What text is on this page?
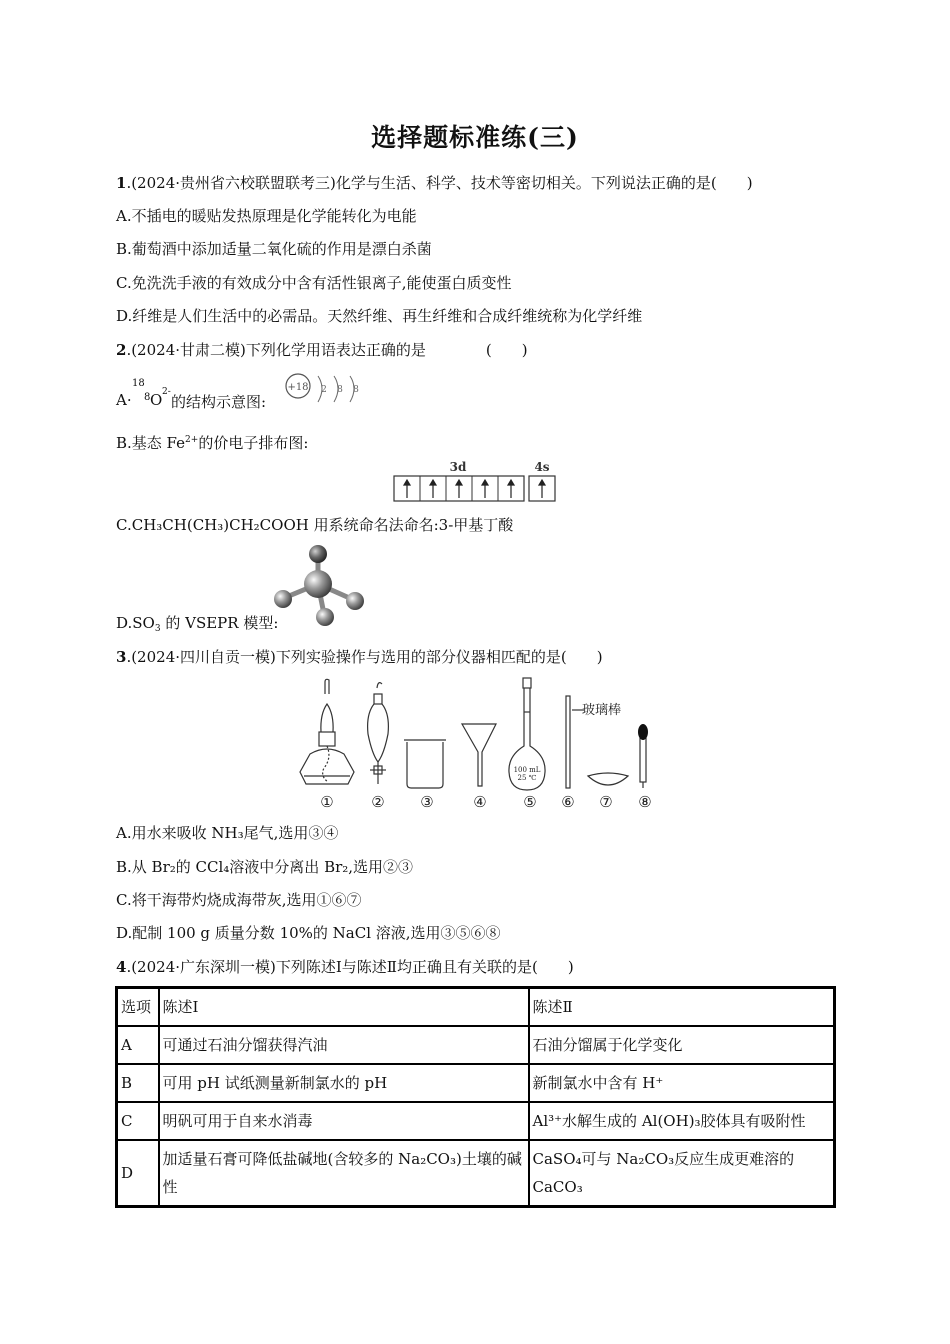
选择题标准练(三)
1.(2024·贵州省六校联盟联考三)化学与生活、科学、技术等密切相关。下列说法正确的是(　　)
A.不插电的暖贴发热原理是化学能转化为电能
B.葡萄酒中添加适量二氧化硫的作用是漂白杀菌
C.免洗洗手液的有效成分中含有活性银离子,能使蛋白质变性
D.纤维是人们生活中的必需品。天然纤维、再生纤维和合成纤维统称为化学纤维
2.(2024·甘肃二模)下列化学用语表达正确的是　　　　(　　)
A·
18
8 O 2-
的结构示意图:
+18 2 8 8
B.基态 $Fe^{2+}$的价电子排布图:
3d	4s
C.CH₃CH(CH₃)CH₂COOH 用系统命名法命名:3-甲基丁酸
$D.SO_3$ 的 VSEPR 模型:
3.(2024·四川自贡一模)下列实验操作与选用的部分仪器相匹配的是(　　)
100 mL
25 ℃
玻璃棒
①	② ③	④ ⑤ ⑥ ⑦ ⑧
A.用水来吸收 NH₃尾气,选用③④
B.从 Br₂的 CCl₄溶液中分离出 Br₂,选用②③
C.将干海带灼烧成海带灰,选用①⑥⑦
D.配制 100 g 质量分数 10%的 NaCl 溶液,选用③⑤⑥⑧
4.(2024·广东深圳一模)下列陈述Ⅰ与陈述Ⅱ均正确且有关联的是(　　)
选项	陈述Ⅰ	陈述Ⅱ
A	可通过石油分馏获得汽油	石油分馏属于化学变化
B	可用 pH 试纸测量新制氯水的 pH	新制氯水中含有 H⁺
C	明矾可用于自来水消毒	Al³⁺水解生成的 Al(OH)₃胶体具有吸附性
D	加适量石膏可降低盐碱地(含较多的 Na₂CO₃)土壤的碱性	CaSO₄可与 Na₂CO₃反应生成更难溶的 CaCO₃
